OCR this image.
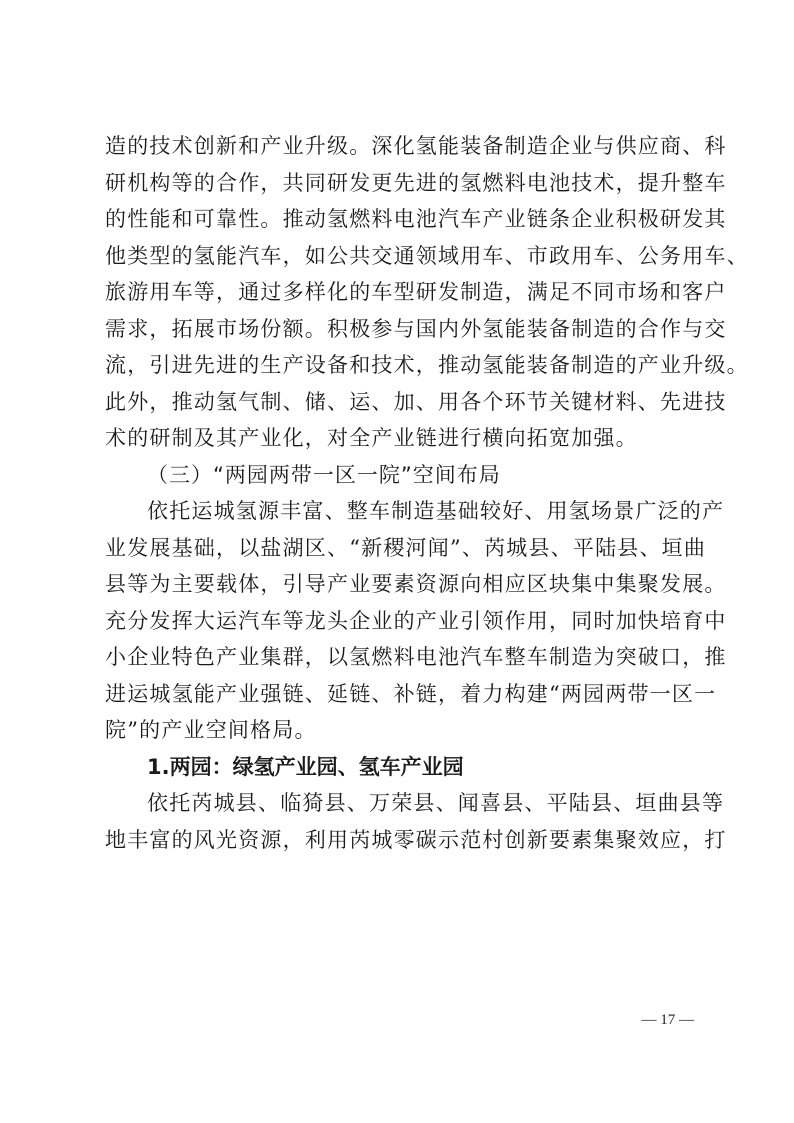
造的技术创新和产业升级。深化氢能装备制造企业与供应商、科
研机构等的合作，共同研发更先进的氢燃料电池技术，提升整车
的性能和可靠性。推动氢燃料电池汽车产业链条企业积极研发其
他类型的氢能汽车，如公共交通领域用车、市政用车、公务用车、
旅游用车等，通过多样化的车型研发制造，满足不同市场和客户
需求，拓展市场份额。积极参与国内外氢能装备制造的合作与交
流，引进先进的生产设备和技术，推动氢能装备制造的产业升级。
此外，推动氢气制、储、运、加、用各个环节关键材料、先进技
术的研制及其产业化，对全产业链进行横向拓宽加强。
（三）“两园两带一区一院”空间布局
依托运城氢源丰富、整车制造基础较好、用氢场景广泛的产
业发展基础，以盐湖区、“新稷河闻”、芮城县、平陆县、垣曲
县等为主要载体，引导产业要素资源向相应区块集中集聚发展。
充分发挥大运汽车等龙头企业的产业引领作用，同时加快培育中
小企业特色产业集群，以氢燃料电池汽车整车制造为突破口，推
进运城氢能产业强链、延链、补链，着力构建“两园两带一区一
院”的产业空间格局。
1.两园：绿氢产业园、氢车产业园
依托芮城县、临猗县、万荣县、闻喜县、平陆县、垣曲县等
地丰富的风光资源，利用芮城零碳示范村创新要素集聚效应，打
— 17 —
